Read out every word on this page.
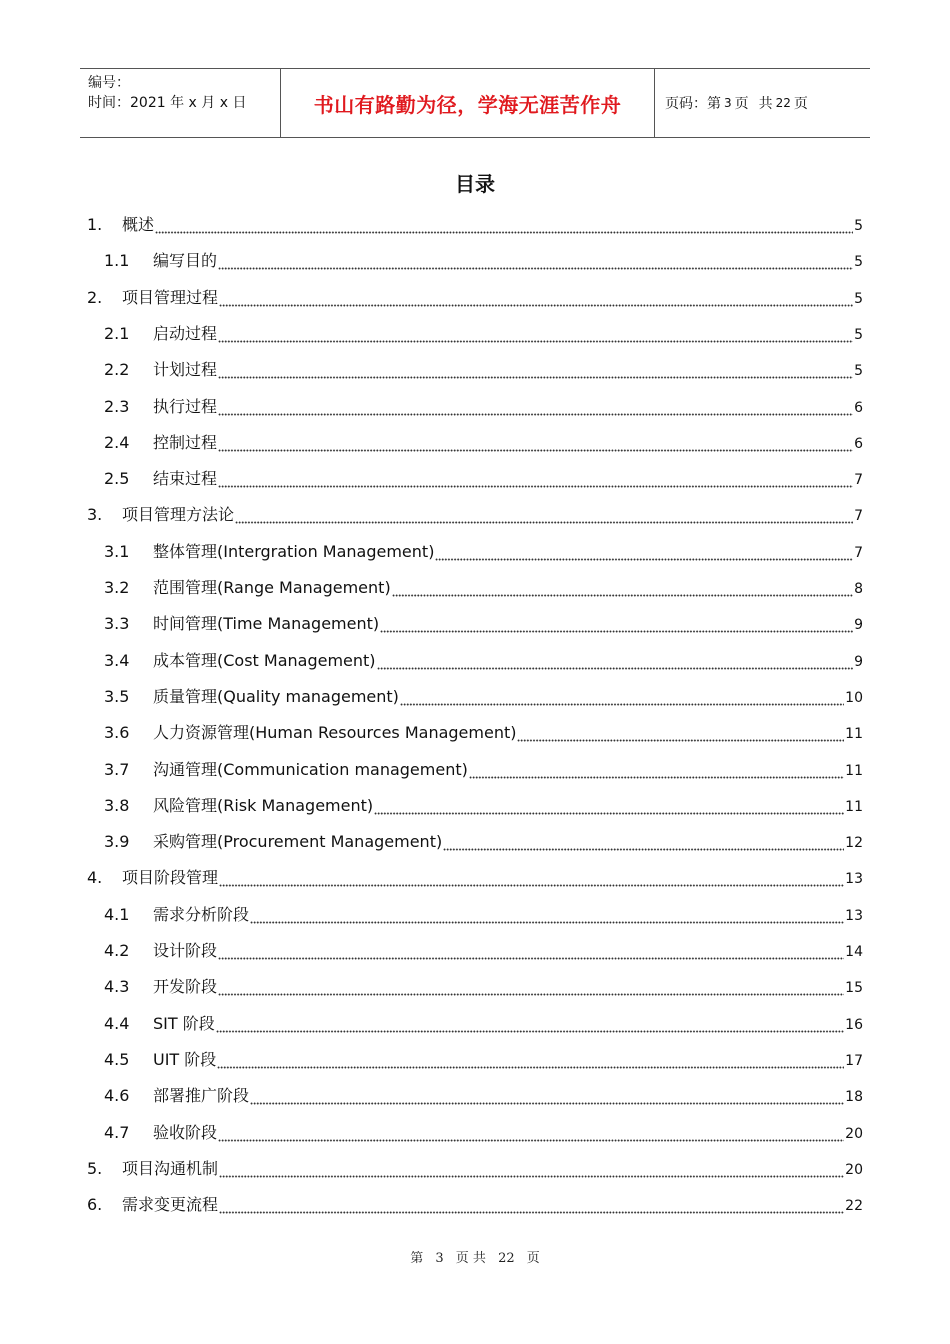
编号：
时间：2021 年 x 月 x 日	书山有路勤为径，学海无涯苦作舟	页码：第 3 页 共 22 页
目录
1.	概述	5
1.1	编写目的	5
2.	项目管理过程	5
2.1	启动过程	5
2.2	计划过程	5
2.3	执行过程	6
2.4	控制过程	6
2.5	结束过程	7
3.	项目管理方法论	7
3.1	整体管理(Intergration Management)	7
3.2	范围管理(Range Management)	8
3.3	时间管理(Time Management)	9
3.4	成本管理(Cost Management)	9
3.5	质量管理(Quality management)	10
3.6	人力资源管理(Human Resources Management)	11
3.7	沟通管理(Communication management)	11
3.8	风险管理(Risk Management)	11
3.9	采购管理(Procurement Management)	12
4.	项目阶段管理	13
4.1	需求分析阶段	13
4.2	设计阶段	14
4.3	开发阶段	15
4.4	SIT 阶段	16
4.5	UIT 阶段	17
4.6	部署推广阶段	18
4.7	验收阶段	20
5.	项目沟通机制	20
6.	需求变更流程	22
第 3 页 共 22 页
